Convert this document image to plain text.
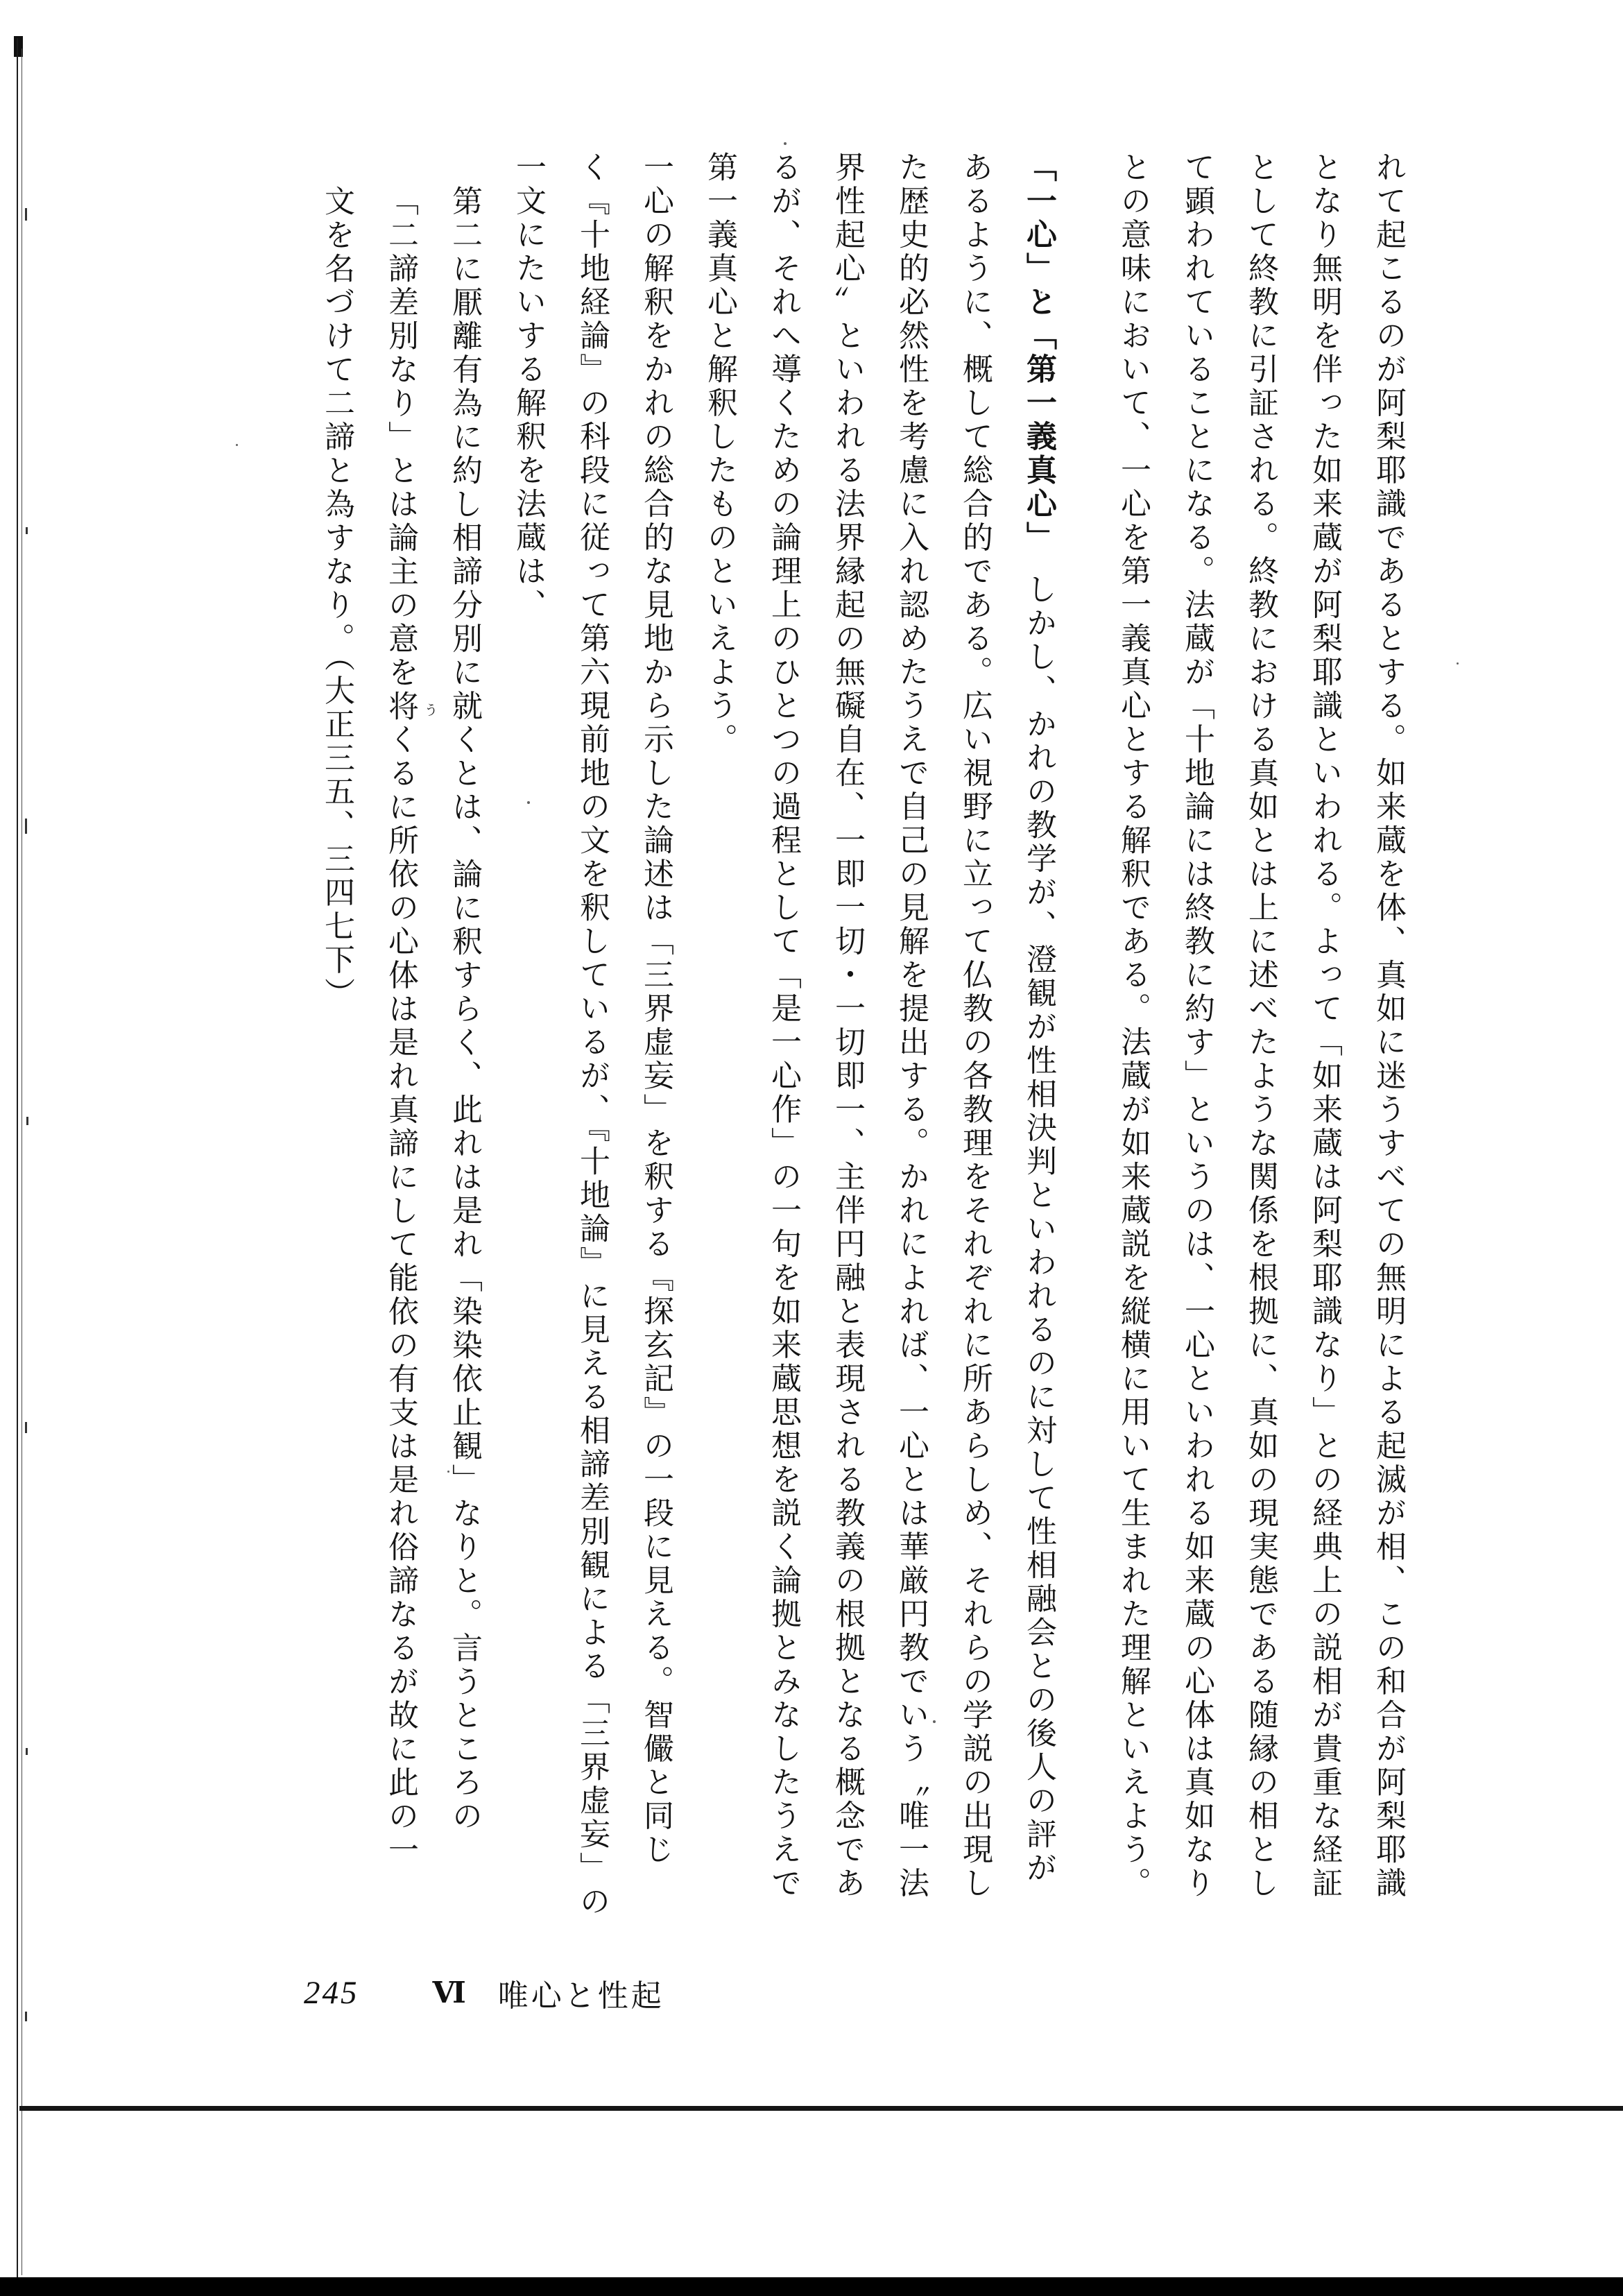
れて起こるのが阿梨耶識であるとする。如来蔵を体、真如に迷うすべての無明による起滅が相、この和合が阿梨耶識
となり無明を伴った如来蔵が阿梨耶識といわれる。よって「如来蔵は阿梨耶識なり」との経典上の説相が貴重な経証
として終教に引証される。終教における真如とは上に述べたような関係を根拠に、真如の現実態である随縁の相とし
て顕われていることになる。法蔵が「十地論には終教に約す」というのは、一心といわれる如来蔵の心体は真如なり
との意味において、一心を第一義真心とする解釈である。法蔵が如来蔵説を縦横に用いて生まれた理解といえよう。
「一心」と「第一義真心」　しかし、かれの教学が、澄観が性相決判といわれるのに対して性相融会との後人の評が
あるように、概して総合的である。広い視野に立って仏教の各教理をそれぞれに所あらしめ、それらの学説の出現し
た歴史的必然性を考慮に入れ認めたうえで自己の見解を提出する。かれによれば、一心とは華厳円教でいう〝唯一法
界性起心〟といわれる法界縁起の無礙自在、一即一切・一切即一、主伴円融と表現される教義の根拠となる概念であ
るが、それへ導くための論理上のひとつの過程として「是一心作」の一句を如来蔵思想を説く論拠とみなしたうえで
第一義真心と解釈したものといえよう。
一心の解釈をかれの総合的な見地から示した論述は「三界虚妄」を釈する『探玄記』の一段に見える。智儼と同じ
く『十地経論』の科段に従って第六現前地の文を釈しているが、『十地論』に見える相諦差別観による「三界虚妄」の
一文にたいする解釈を法蔵は、
第二に厭離有為に約し相諦分別に就くとは、論に釈すらく、此れは是れ「染染依止観」なりと。言うところの
「二諦差別なり」とは論主の意を将 う
くるに所依の心体は是れ真諦にして能依の有支は是れ俗諦なるが故に此の一
文を名づけて二諦と為すなり。（大正三五、三四七下）
245	Ⅵ 唯心と性起
